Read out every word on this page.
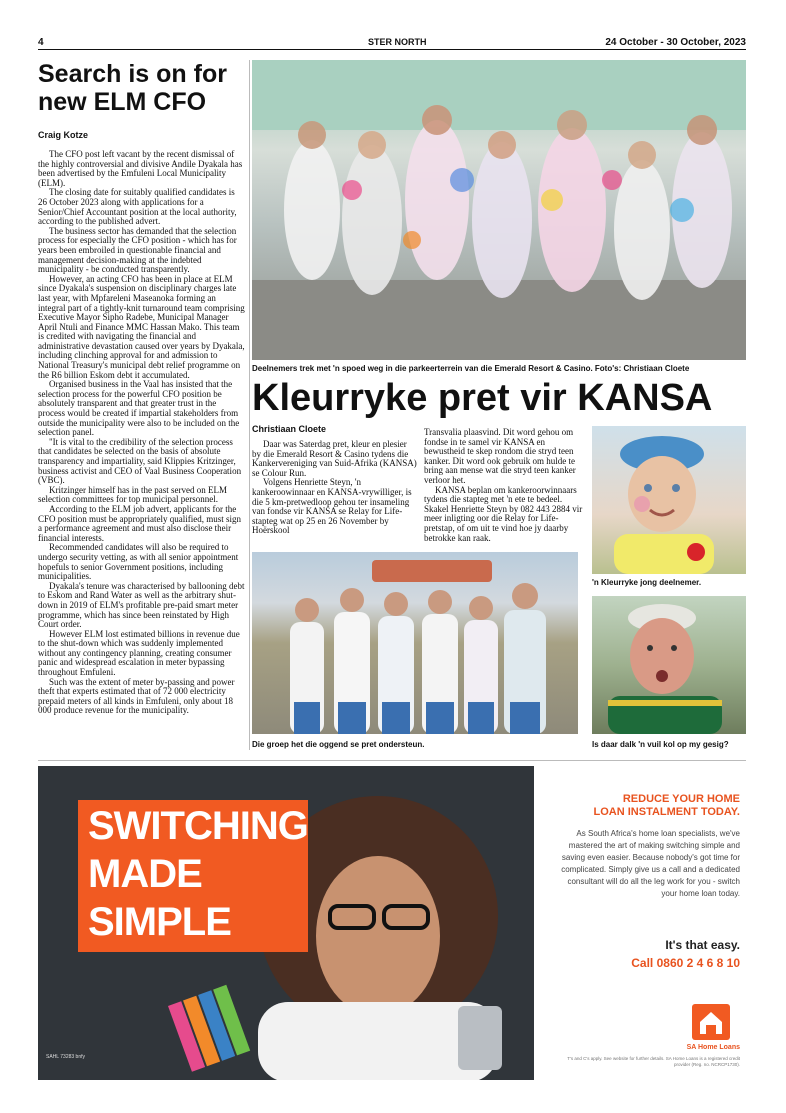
4	STER NORTH	24 October - 30 October, 2023
Search is on for
new ELM CFO
Craig Kotze

The CFO post left vacant by the recent dismissal of the highly controversial and divisive Andile Dyakala has been advertised by the Emfuleni Local Municipality (ELM).

The closing date for suitably qualified candidates is 26 October 2023 along with applications for a Senior/Chief Accountant position at the local authority, according to the published advert.

The business sector has demanded that the selection process for especially the CFO position - which has for years been embroiled in questionable financial and management decision-making at the indebted municipality - be conducted transparently.

However, an acting CFO has been in place at ELM since Dyakala's suspension on disciplinary charges late last year, with Mpfareleni Maseanoka forming an integral part of a tightly-knit turnaround team comprising Executive Mayor Sipho Radebe, Municipal Manager April Ntuli and Finance MMC Hassan Mako. This team is credited with navigating the financial and administrative devastation caused over years by Dyakala, including clinching approval for and admission to National Treasury's municipal debt relief programme on the R6 billion Eskom debt it accumulated.

Organised business in the Vaal has insisted that the selection process for the powerful CFO position be absolutely transparent and that greater trust in the process would be created if impartial stakeholders from outside the municipality were also to be included on the selection panel.

"It is vital to the credibility of the selection process that candidates be selected on the basis of absolute transparency and impartiality, said Klippies Kritzinger, business activist and CEO of Vaal Business Cooperation (VBC).

Kritzinger himself has in the past served on ELM selection committees for top municipal personnel.

According to the ELM job advert, applicants for the CFO position must be appropriately qualified, must sign a performance agreement and must also disclose their financial interests.

Recommended candidates will also be required to undergo security vetting, as with all senior appointment hopefuls to senior Government positions, including municipalities.

Dyakala's tenure was characterised by ballooning debt to Eskom and Rand Water as well as the arbitrary shut-down in 2019 of ELM's profitable pre-paid smart meter programme, which has since been reinstated by High Court order.

However ELM lost estimated billions in revenue due to the shut-down which was suddenly implemented without any contingency planning, creating consumer panic and widespread escalation in meter bypassing throughout Emfuleni.

Such was the extent of meter by-passing and power theft that experts estimated that of 72 000 electricity prepaid meters of all kinds in Emfuleni, only about 18 000 produce revenue for the municipality.

Deelnemers trek met 'n spoed weg in die parkeerterrein van die Emerald Resort & Casino. Foto's: Christiaan Cloete
Kleurryke pret vir KANSA
Christiaan Cloete

Daar was Saterdag pret, kleur en plesier by die Emerald Resort & Casino tydens die Kankervereniging van Suid-Afrika (KANSA) se Colour Run.

Volgens Henriette Steyn, 'n kankeroowinnaar en KANSA-vrywilliger, is die 5 km-pretwedloop gehou ter insameling van fondse vir KANSA se Relay for Life-stapteg wat op 25 en 26 November by Hoërskool

Transvalia plaasvind. Dit word gehou om fondse in te samel vir KANSA en bewustheid te skep rondom die stryd teen kanker. Dit word ook gebruik om hulde te bring aan mense wat die stryd teen kanker verloor het.

KANSA beplan om kankeroorwinnaars tydens die stapteg met 'n ete te bedeel. Skakel Henriette Steyn by 082 443 2884 vir meer inligting oor die Relay for Life-pretstap, of om uit te vind hoe jy daarby betrokke kan raak.

Die groep het die oggend se pret ondersteun.
'n Kleurryke jong deelnemer.
Is daar dalk 'n vuil kol op my gesig?
SWITCHING
MADE
SIMPLE
SAHL 73283 bnfy
REDUCE YOUR HOME
LOAN INSTALMENT TODAY.
As South Africa's home loan specialists, we've mastered the art of making switching simple and saving even easier. Because nobody's got time for complicated. Simply give us a call and a dedicated consultant will do all the leg work for you - switch your home loan today.
It's that easy.
Call 0860 2 4 6 8 10
SA Home Loans
T's and C's apply. See website for further details. SA Home Loans is a registered credit provider (Reg. no. NCRCP1730).
